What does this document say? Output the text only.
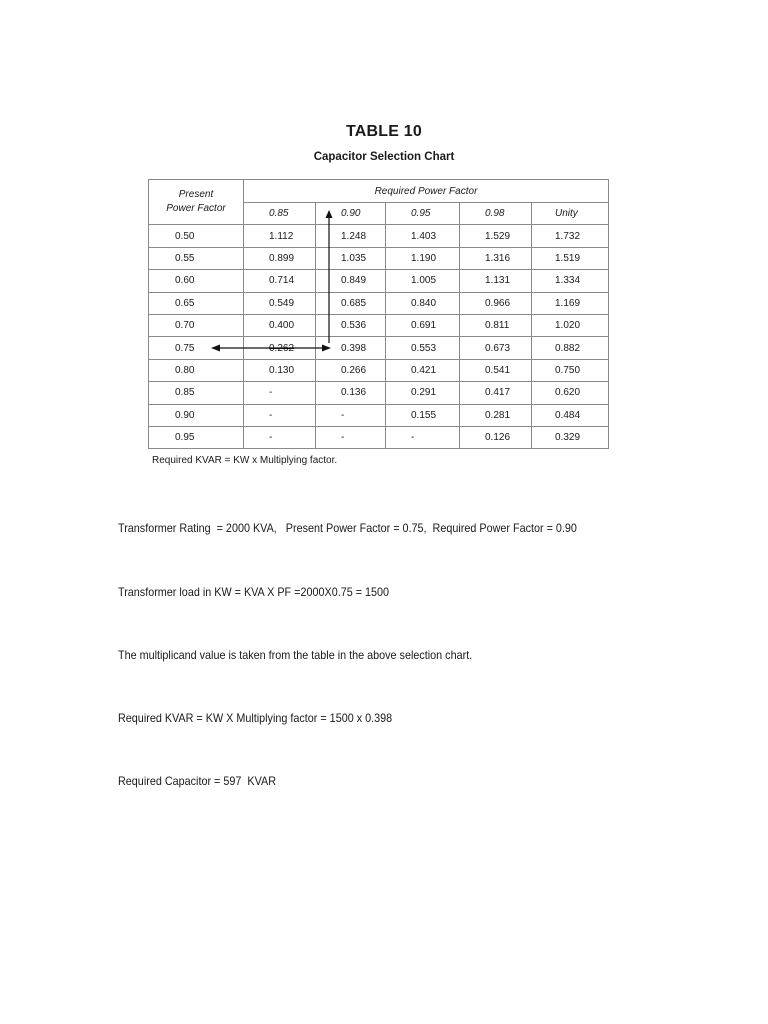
TABLE 10
Capacitor Selection Chart
Present
Power Factor	Required Power Factor				
	0.85	0.90	0.95	0.98	Unity
0.50	1.112	1.248	1.403	1.529	1.732
0.55	0.899	1.035	1.190	1.316	1.519
0.60	0.714	0.849	1.005	1.131	1.334
0.65	0.549	0.685	0.840	0.966	1.169
0.70	0.400	0.536	0.691	0.811	1.020
0.75	0.262	0.398	0.553	0.673	0.882
0.80	0.130	0.266	0.421	0.541	0.750
0.85	-	0.136	0.291	0.417	0.620
0.90	-	-	0.155	0.281	0.484
0.95	-	-	-	0.126	0.329

Required KVAR = KW x Multiplying factor.

Transformer Rating  = 2000 KVA,   Present Power Factor = 0.75,  Required Power Factor = 0.90

Transformer load in KW = KVA X PF =2000X0.75 = 1500

The multiplicand value is taken from the table in the above selection chart.

Required KVAR = KW X Multiplying factor = 1500 x 0.398

Required Capacitor = 597  KVAR
